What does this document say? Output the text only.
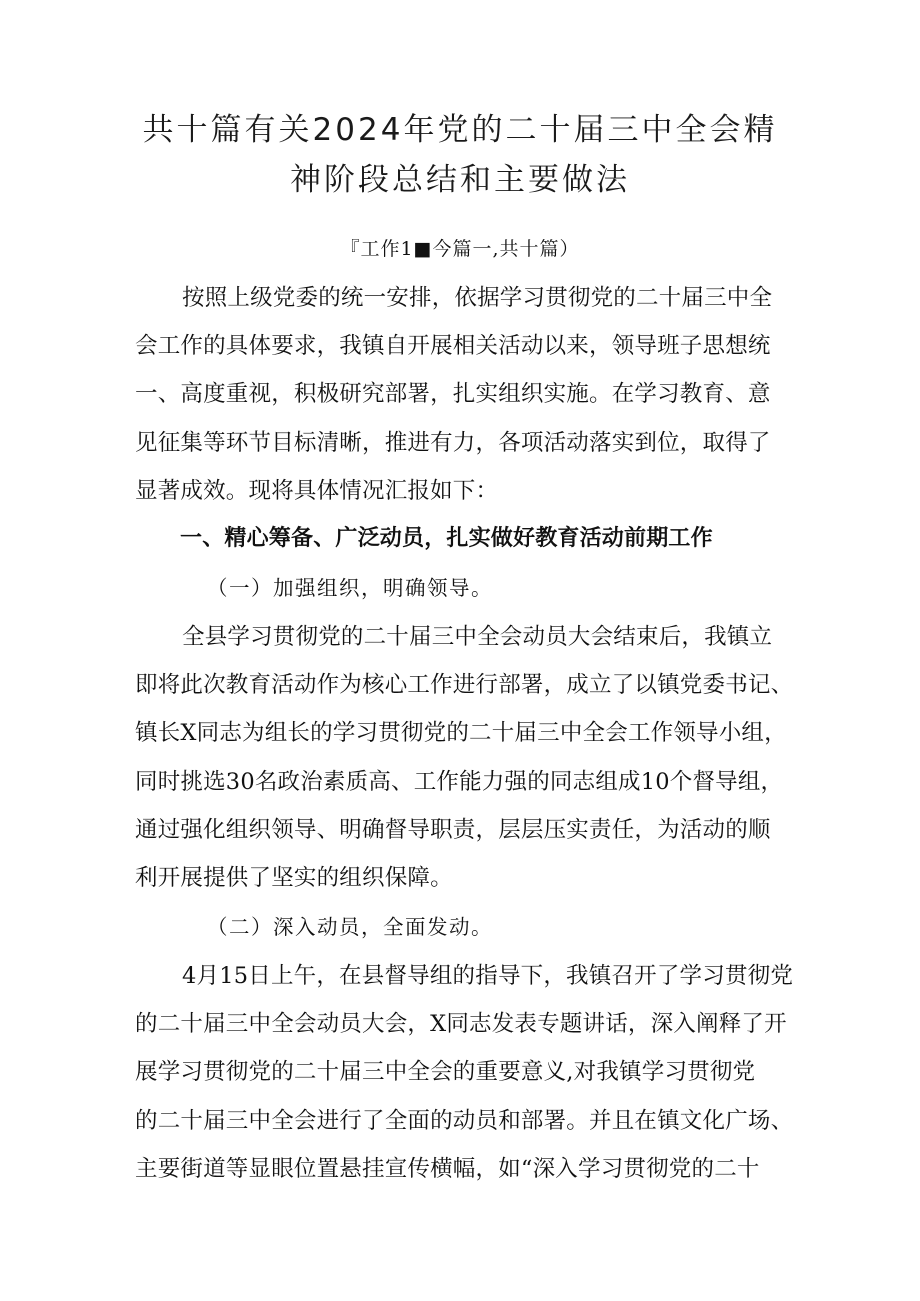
共十篇有关2024年党的二十届三中全会精
神阶段总结和主要做法
『工作1■今篇一,共十篇）
按照上级党委的统一安排，依据学习贯彻党的二十届三中全
会工作的具体要求，我镇自开展相关活动以来，领导班子思想统
一、高度重视，积极研究部署，扎实组织实施。在学习教育、意
见征集等环节目标清晰，推进有力，各项活动落实到位，取得了
显著成效。现将具体情况汇报如下：
一、精心筹备、广泛动员，扎实做好教育活动前期工作
（一）加强组织，明确领导。
全县学习贯彻党的二十届三中全会动员大会结束后，我镇立
即将此次教育活动作为核心工作进行部署，成立了以镇党委书记、
镇长X同志为组长的学习贯彻党的二十届三中全会工作领导小组，
同时挑选30名政治素质高、工作能力强的同志组成10个督导组，
通过强化组织领导、明确督导职责，层层压实责任，为活动的顺
利开展提供了坚实的组织保障。
（二）深入动员，全面发动。
4月15日上午，在县督导组的指导下，我镇召开了学习贯彻党
的二十届三中全会动员大会，X同志发表专题讲话，深入阐释了开
展学习贯彻党的二十届三中全会的重要意义,对我镇学习贯彻党
的二十届三中全会进行了全面的动员和部署。并且在镇文化广场、
主要街道等显眼位置悬挂宣传横幅，如“深入学习贯彻党的二十
